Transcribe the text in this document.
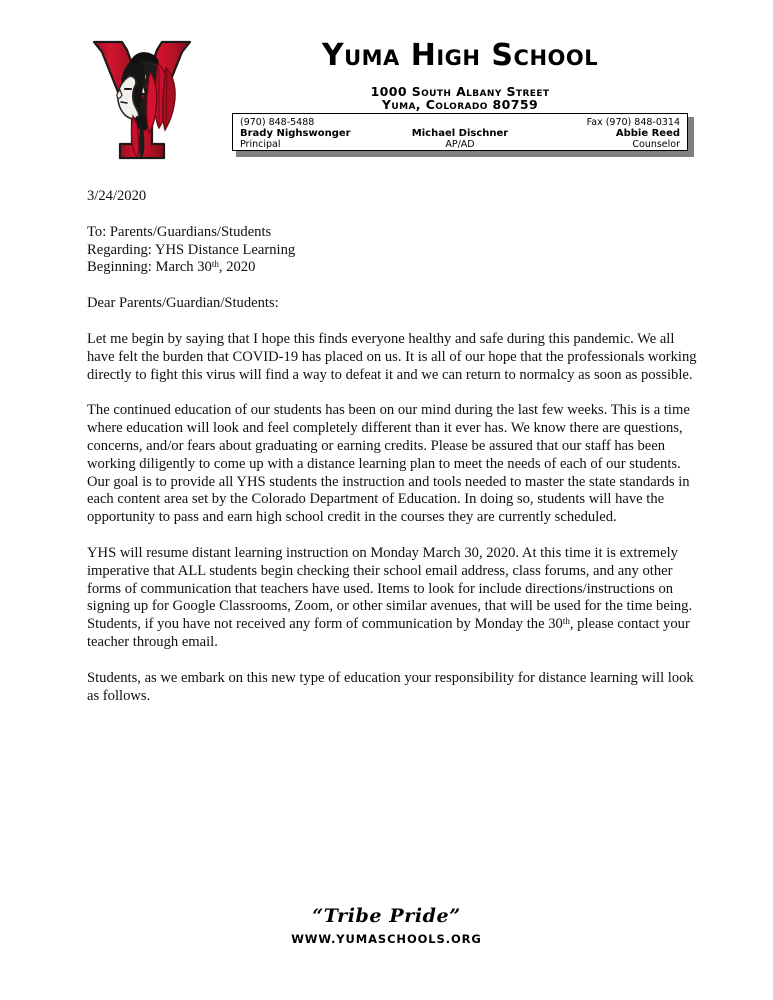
Yuma High School
1000 South Albany Street
Yuma, Colorado 80759
(970) 848-5488	Fax (970) 848-0314
Brady Nighswonger	Michael Dischner	Abbie Reed
Principal	AP/AD	Counselor
3/24/2020
To: Parents/Guardians/Students
Regarding: YHS Distance Learning
Beginning: March 30th, 2020
Dear Parents/Guardian/Students:
Let me begin by saying that I hope this finds everyone healthy and safe during this pandemic. We all have felt the burden that COVID-19 has placed on us. It is all of our hope that the professionals working directly to fight this virus will find a way to defeat it and we can return to normalcy as soon as possible.
The continued education of our students has been on our mind during the last few weeks. This is a time where education will look and feel completely different than it ever has. We know there are questions, concerns, and/or fears about graduating or earning credits. Please be assured that our staff has been working diligently to come up with a distance learning plan to meet the needs of each of our students. Our goal is to provide all YHS students the instruction and tools needed to master the state standards in each content area set by the Colorado Department of Education. In doing so, students will have the opportunity to pass and earn high school credit in the courses they are currently scheduled.
YHS will resume distant learning instruction on Monday March 30, 2020. At this time it is extremely imperative that ALL students begin checking their school email address, class forums, and any other forms of communication that teachers have used. Items to look for include directions/instructions on signing up for Google Classrooms, Zoom, or other similar avenues, that will be used for the time being. Students, if you have not received any form of communication by Monday the 30th, please contact your teacher through email.
Students, as we embark on this new type of education your responsibility for distance learning will look as follows.
“Tribe Pride”
WWW.YUMASCHOOLS.ORG
